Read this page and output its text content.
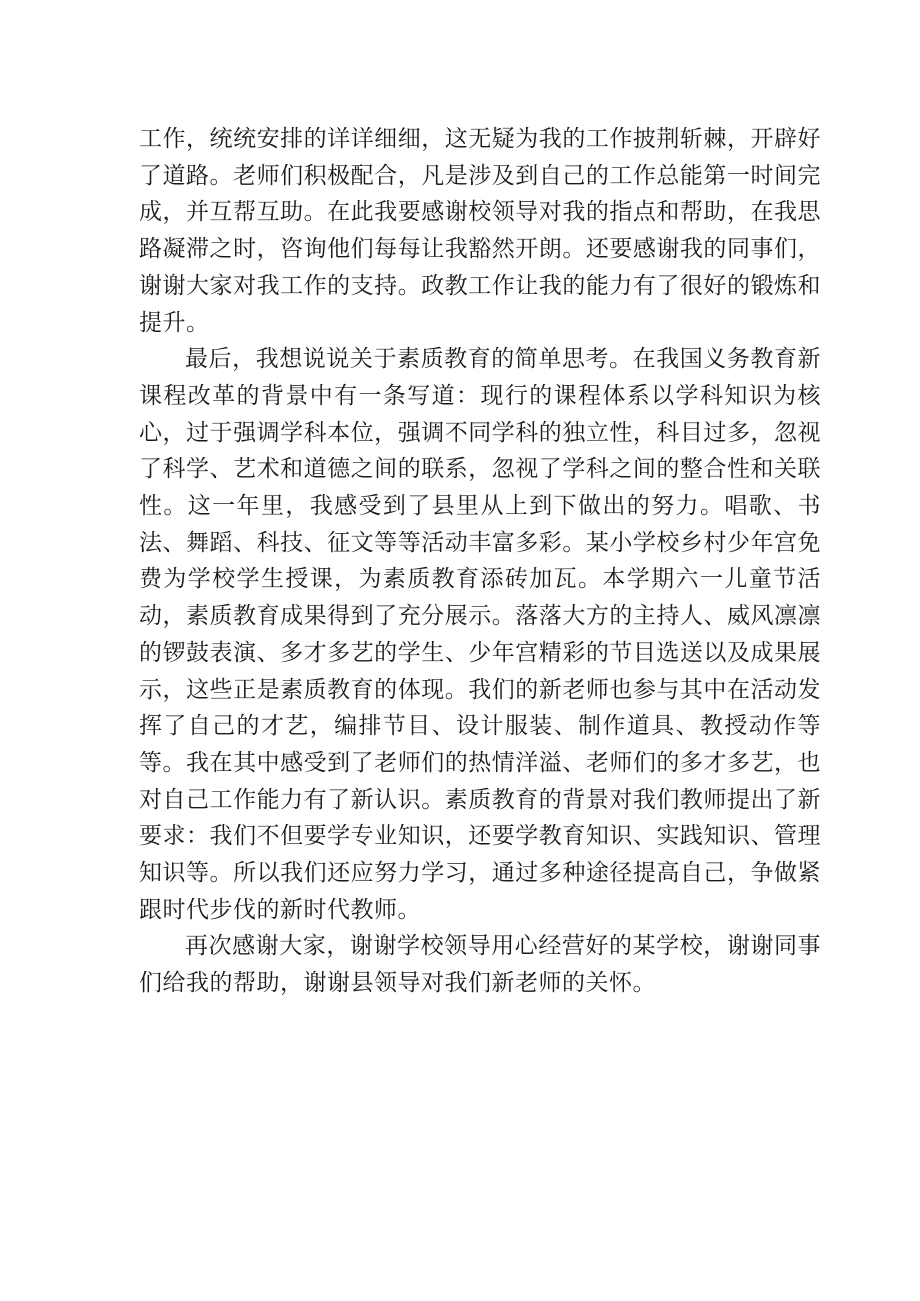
工作，统统安排的详详细细，这无疑为我的工作披荆斩棘，开辟好了道路。老师们积极配合，凡是涉及到自己的工作总能第一时间完成，并互帮互助。在此我要感谢校领导对我的指点和帮助，在我思路凝滞之时，咨询他们每每让我豁然开朗。还要感谢我的同事们，谢谢大家对我工作的支持。政教工作让我的能力有了很好的锻炼和提升。

最后，我想说说关于素质教育的简单思考。在我国义务教育新课程改革的背景中有一条写道：现行的课程体系以学科知识为核心，过于强调学科本位，强调不同学科的独立性，科目过多，忽视了科学、艺术和道德之间的联系，忽视了学科之间的整合性和关联性。这一年里，我感受到了县里从上到下做出的努力。唱歌、书法、舞蹈、科技、征文等等活动丰富多彩。某小学校乡村少年宫免费为学校学生授课，为素质教育添砖加瓦。本学期六一儿童节活动，素质教育成果得到了充分展示。落落大方的主持人、威风凛凛的锣鼓表演、多才多艺的学生、少年宫精彩的节目选送以及成果展示，这些正是素质教育的体现。我们的新老师也参与其中在活动发挥了自己的才艺，编排节目、设计服装、制作道具、教授动作等等。我在其中感受到了老师们的热情洋溢、老师们的多才多艺，也对自己工作能力有了新认识。素质教育的背景对我们教师提出了新要求：我们不但要学专业知识，还要学教育知识、实践知识、管理知识等。所以我们还应努力学习，通过多种途径提高自己，争做紧跟时代步伐的新时代教师。

再次感谢大家，谢谢学校领导用心经营好的某学校，谢谢同事们给我的帮助，谢谢县领导对我们新老师的关怀。
